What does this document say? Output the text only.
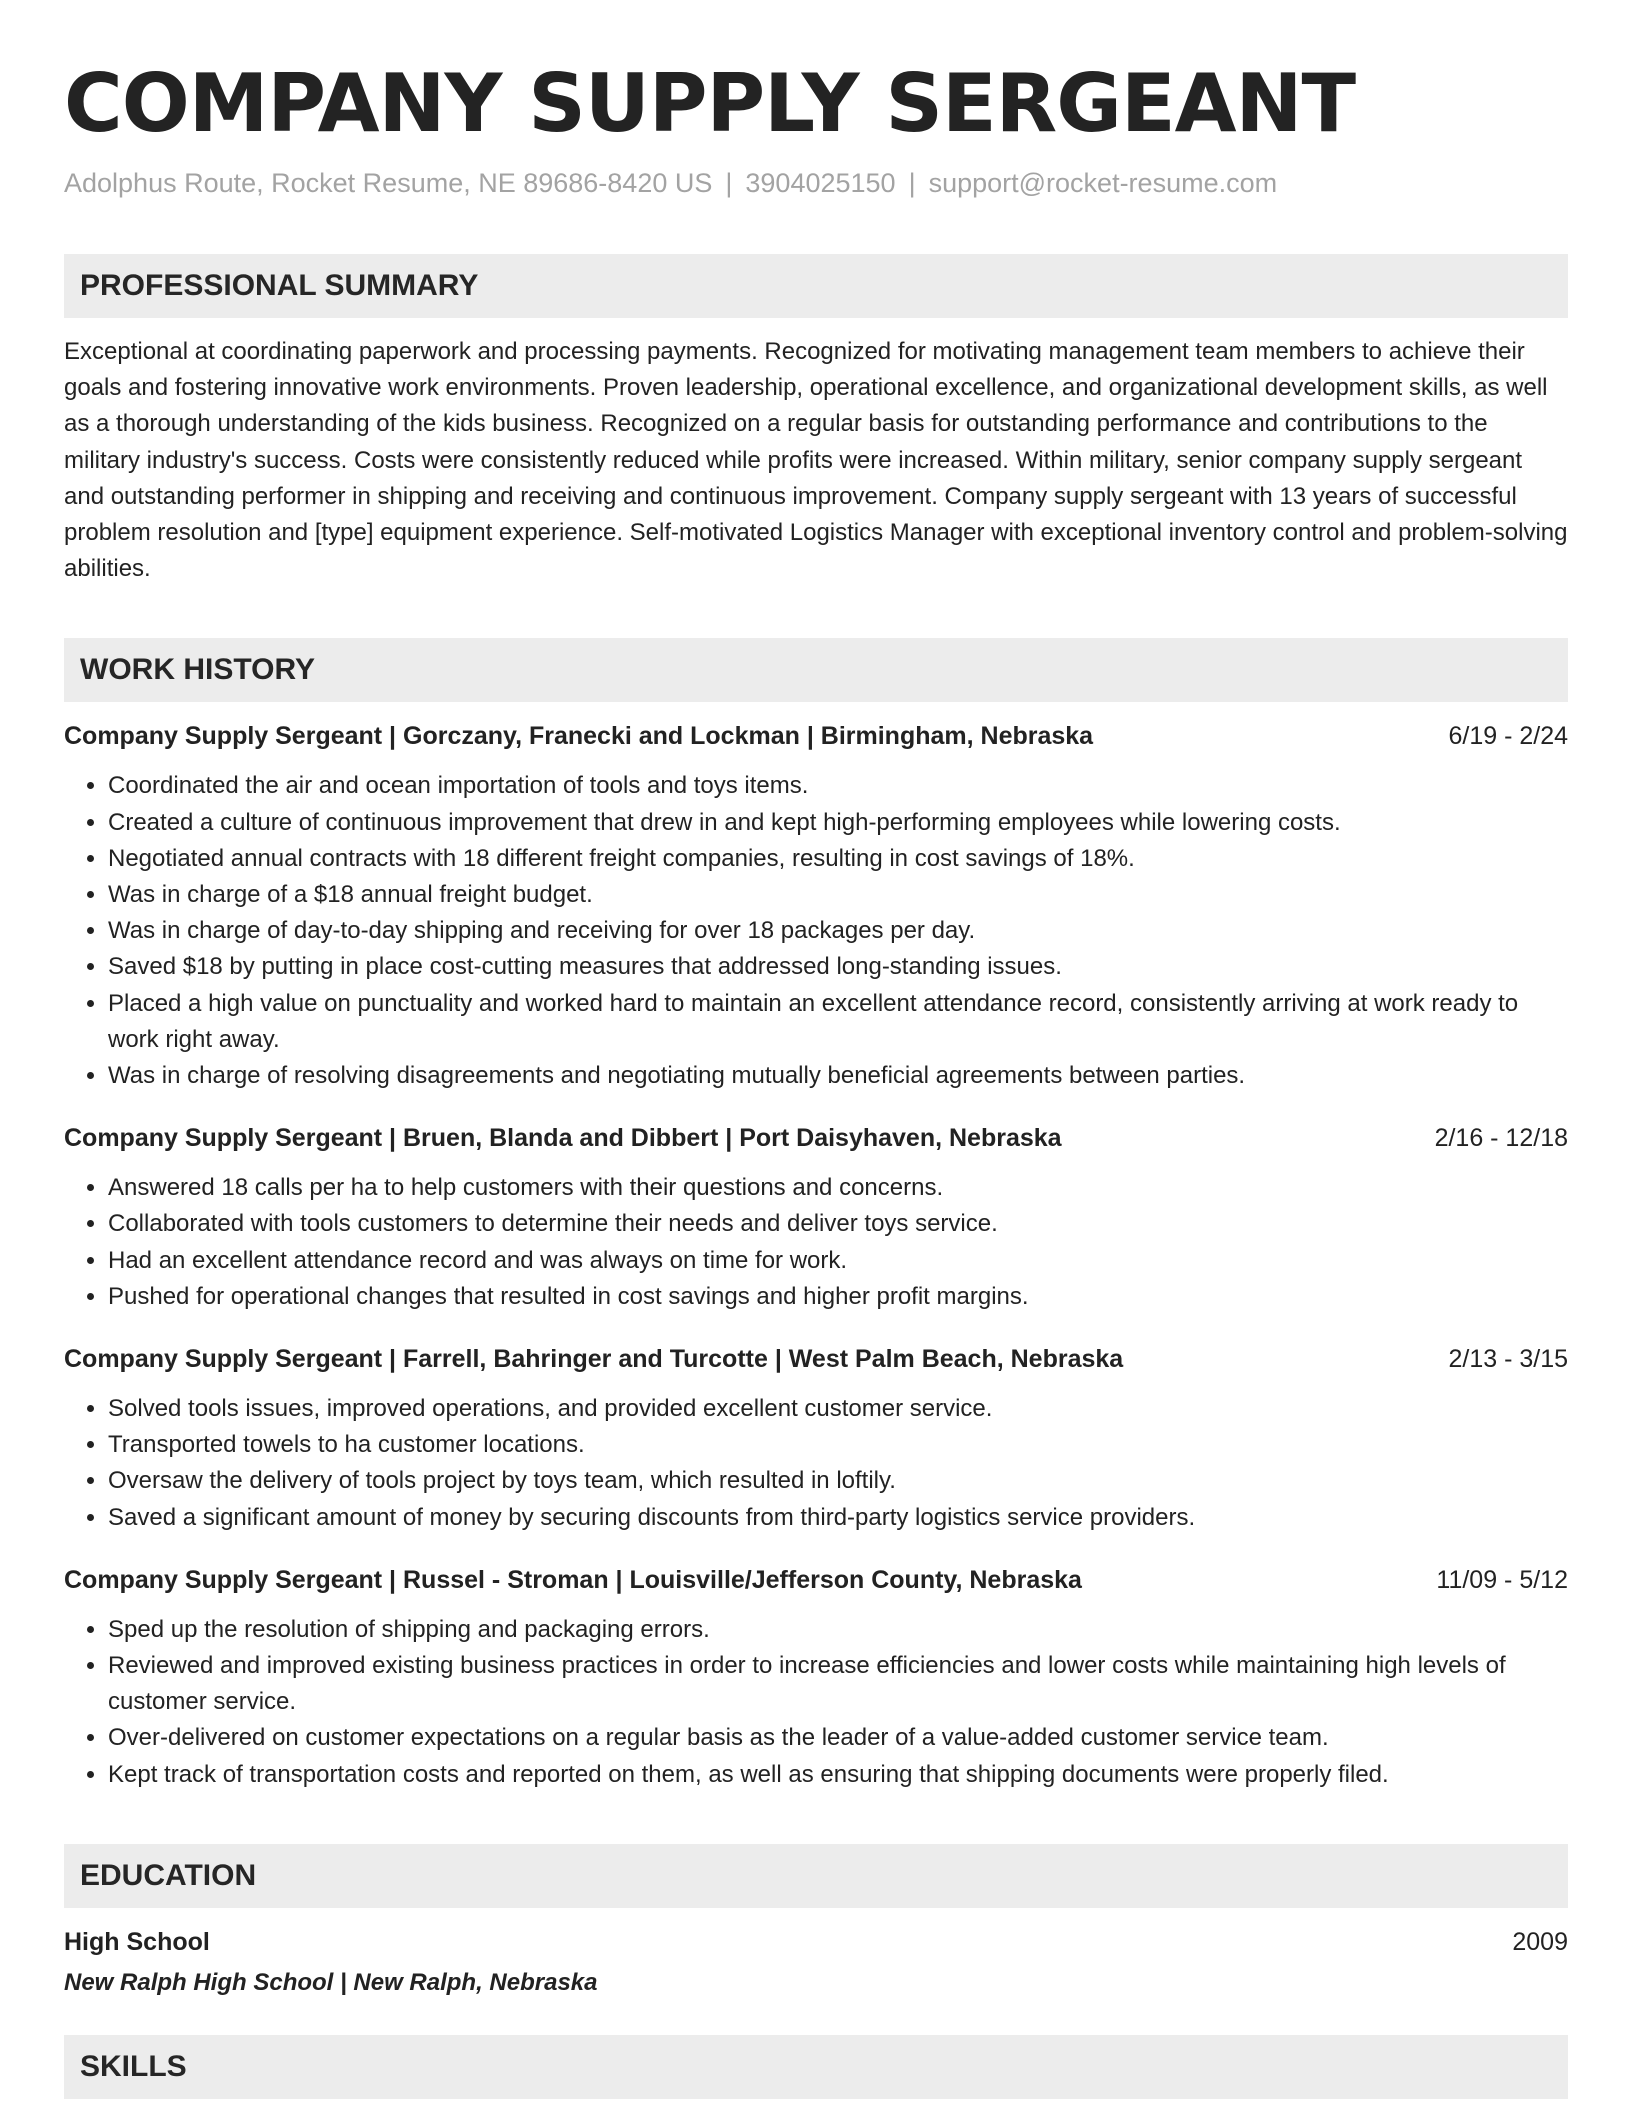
COMPANY SUPPLY SERGEANT
Adolphus Route, Rocket Resume, NE 89686-8420 US | 3904025150 | support@rocket-resume.com
PROFESSIONAL SUMMARY
Exceptional at coordinating paperwork and processing payments. Recognized for motivating management team members to achieve their goals and fostering innovative work environments. Proven leadership, operational excellence, and organizational development skills, as well as a thorough understanding of the kids business. Recognized on a regular basis for outstanding performance and contributions to the military industry's success. Costs were consistently reduced while profits were increased. Within military, senior company supply sergeant and outstanding performer in shipping and receiving and continuous improvement. Company supply sergeant with 13 years of successful problem resolution and [type] equipment experience. Self-motivated Logistics Manager with exceptional inventory control and problem-solving abilities.
WORK HISTORY
Company Supply Sergeant | Gorczany, Franecki and Lockman | Birmingham, Nebraska	6/19 - 2/24
• Coordinated the air and ocean importation of tools and toys items.
• Created a culture of continuous improvement that drew in and kept high-performing employees while lowering costs.
• Negotiated annual contracts with 18 different freight companies, resulting in cost savings of 18%.
• Was in charge of a $18 annual freight budget.
• Was in charge of day-to-day shipping and receiving for over 18 packages per day.
• Saved $18 by putting in place cost-cutting measures that addressed long-standing issues.
• Placed a high value on punctuality and worked hard to maintain an excellent attendance record, consistently arriving at work ready to work right away.
• Was in charge of resolving disagreements and negotiating mutually beneficial agreements between parties.
Company Supply Sergeant | Bruen, Blanda and Dibbert | Port Daisyhaven, Nebraska	2/16 - 12/18
• Answered 18 calls per ha to help customers with their questions and concerns.
• Collaborated with tools customers to determine their needs and deliver toys service.
• Had an excellent attendance record and was always on time for work.
• Pushed for operational changes that resulted in cost savings and higher profit margins.
Company Supply Sergeant | Farrell, Bahringer and Turcotte | West Palm Beach, Nebraska	2/13 - 3/15
• Solved tools issues, improved operations, and provided excellent customer service.
• Transported towels to ha customer locations.
• Oversaw the delivery of tools project by toys team, which resulted in loftily.
• Saved a significant amount of money by securing discounts from third-party logistics service providers.
Company Supply Sergeant | Russel - Stroman | Louisville/Jefferson County, Nebraska	11/09 - 5/12
• Sped up the resolution of shipping and packaging errors.
• Reviewed and improved existing business practices in order to increase efficiencies and lower costs while maintaining high levels of customer service.
• Over-delivered on customer expectations on a regular basis as the leader of a value-added customer service team.
• Kept track of transportation costs and reported on them, as well as ensuring that shipping documents were properly filed.
EDUCATION
High School	2009
New Ralph High School | New Ralph, Nebraska
SKILLS
